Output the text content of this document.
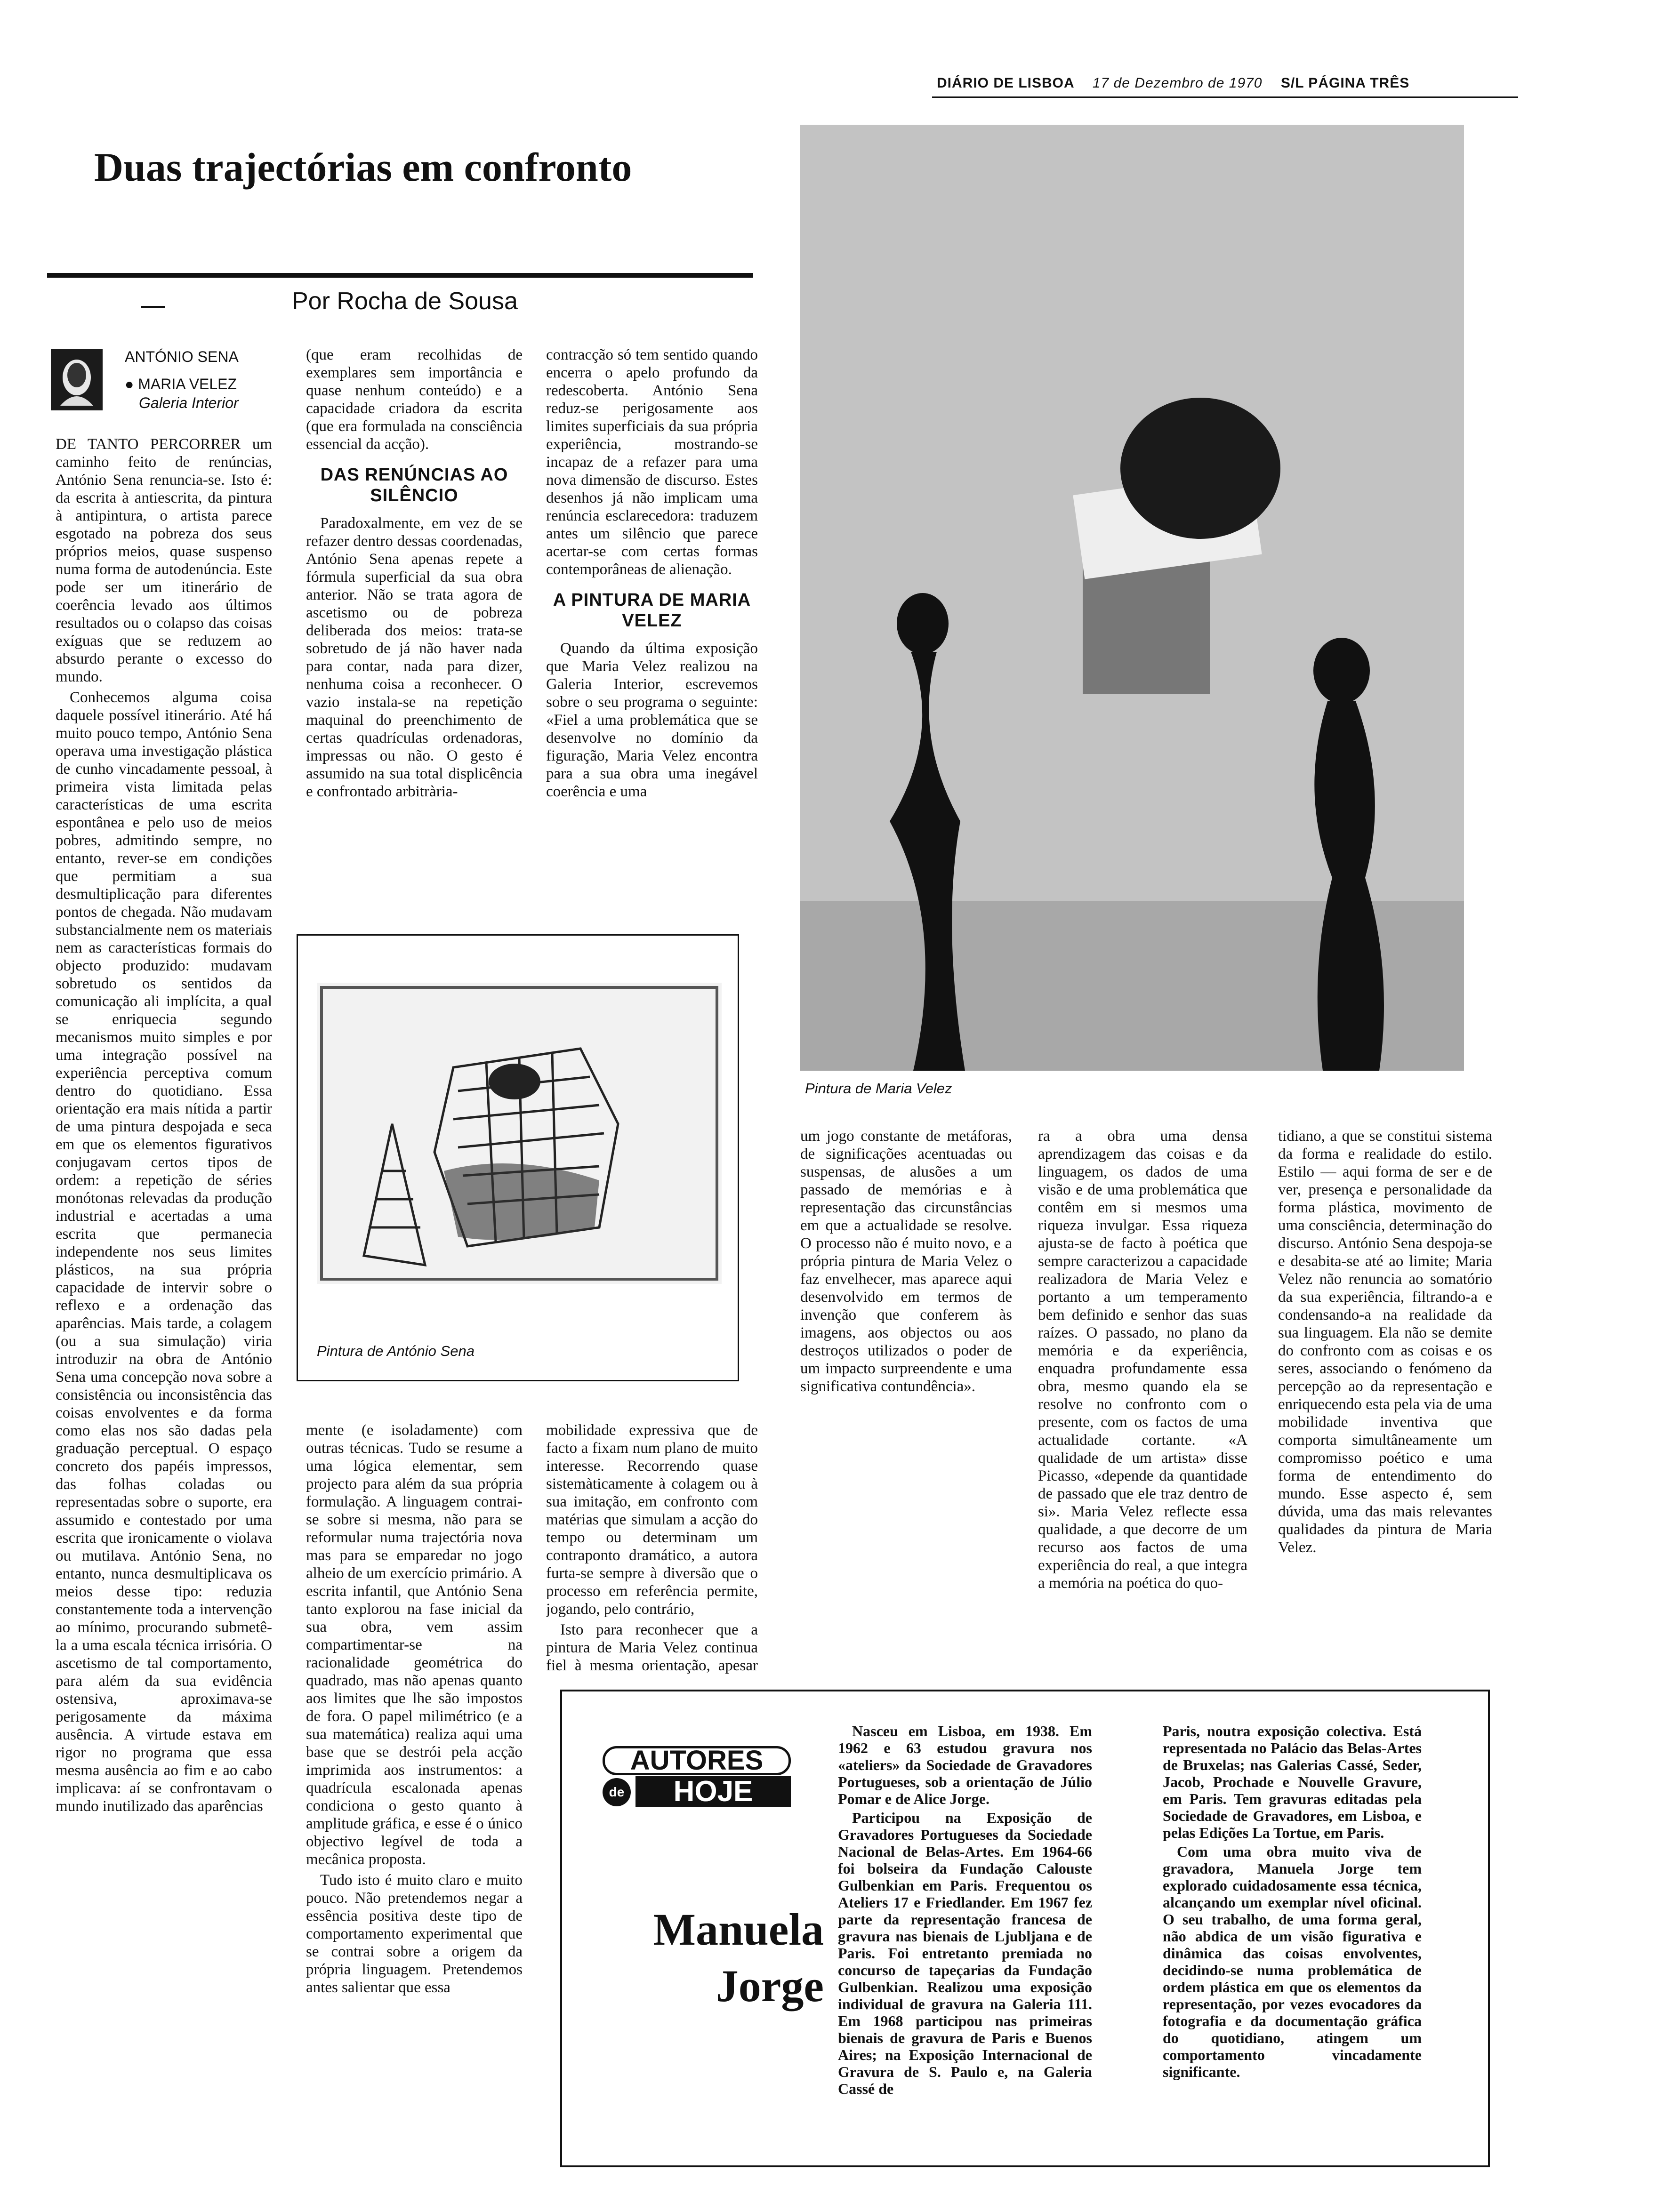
DIÁRIO DE LISBOA 17 de Dezembro de 1970 S/L PÁGINA TRÊS
Duas trajectórias em confronto
Por Rocha de Sousa
ANTÓNIO SENA
● MARIA VELEZ
Galeria Interior

DE TANTO PERCORRER um caminho feito de renúncias, António Sena renuncia-se. Isto é: da escrita à antiescrita, da pintura à antipintura, o artista parece esgotado na pobreza dos seus próprios meios, quase suspenso numa forma de autodenúncia. Este pode ser um itinerário de coerência levado aos últimos resultados ou o colapso das coisas exíguas que se reduzem ao absurdo perante o excesso do mundo.

Conhecemos alguma coisa daquele possível itinerário. Até há muito pouco tempo, António Sena operava uma investigação plástica de cunho vincadamente pessoal, à primeira vista limitada pelas características de uma escrita espontânea e pelo uso de meios pobres, admitindo sempre, no entanto, rever-se em condições que permitiam a sua desmultiplicação para diferentes pontos de chegada. Não mudavam substancialmente nem os materiais nem as características formais do objecto produzido: mudavam sobretudo os sentidos da comunicação ali implícita, a qual se enriquecia segundo mecanismos muito simples e por uma integração possível na experiência perceptiva comum dentro do quotidiano. Essa orientação era mais nítida a partir de uma pintura despojada e seca em que os elementos figurativos conjugavam certos tipos de ordem: a repetição de séries monótonas relevadas da produção industrial e acertadas a uma escrita que permanecia independente nos seus limites plásticos, na sua própria capacidade de intervir sobre o reflexo e a ordenação das aparências. Mais tarde, a colagem (ou a sua simulação) viria introduzir na obra de António Sena uma concepção nova sobre a consistência ou inconsistência das coisas envolventes e da forma como elas nos são dadas pela graduação perceptual. O espaço concreto dos papéis impressos, das folhas coladas ou representadas sobre o suporte, era assumido e contestado por uma escrita que ironicamente o violava ou mutilava. António Sena, no entanto, nunca desmultiplicava os meios desse tipo: reduzia constantemente toda a intervenção ao mínimo, procurando submetê-la a uma escala técnica irrisória. O ascetismo de tal comportamento, para além da sua evidência ostensiva, aproximava-se perigosamente da máxima ausência. A virtude estava em rigor no programa que essa mesma ausência ao fim e ao cabo implicava: aí se confrontavam o mundo inutilizado das aparências

(que eram recolhidas de exemplares sem importância e quase nenhum conteúdo) e a capacidade criadora da escrita (que era formulada na consciência essencial da acção).

DAS RENÚNCIAS AO SILÊNCIO

Paradoxalmente, em vez de se refazer dentro dessas coordenadas, António Sena apenas repete a fórmula superficial da sua obra anterior. Não se trata agora de ascetismo ou de pobreza deliberada dos meios: trata-se sobretudo de já não haver nada para contar, nada para dizer, nenhuma coisa a reconhecer. O vazio instala-se na repetição maquinal do preenchimento de certas quadrículas ordenadoras, impressas ou não. O gesto é assumido na sua total displicência e confrontado arbitrària-

contracção só tem sentido quando encerra o apelo profundo da redescoberta. António Sena reduz-se perigosamente aos limites superficiais da sua própria experiência, mostrando-se incapaz de a refazer para uma nova dimensão de discurso. Estes desenhos já não implicam uma renúncia esclarecedora: traduzem antes um silêncio que parece acertar-se com certas formas contemporâneas de alienação.

A PINTURA DE MARIA VELEZ

Quando da última exposição que Maria Velez realizou na Galeria Interior, escrevemos sobre o seu programa o seguinte: «Fiel a uma problemática que se desenvolve no domínio da figuração, Maria Velez encontra para a sua obra uma inegável coerência e uma

Pintura de António Sena

mente (e isoladamente) com outras técnicas. Tudo se resume a uma lógica elementar, sem projecto para além da sua própria formulação. A linguagem contrai-se sobre si mesma, não para se reformular numa trajectória nova mas para se emparedar no jogo alheio de um exercício primário. A escrita infantil, que António Sena tanto explorou na fase inicial da sua obra, vem assim compartimentar-se na racionalidade geométrica do quadrado, mas não apenas quanto aos limites que lhe são impostos de fora. O papel milimétrico (e a sua matemática) realiza aqui uma base que se destrói pela acção imprimida aos instrumentos: a quadrícula escalonada apenas condiciona o gesto quanto à amplitude gráfica, e esse é o único objectivo legível de toda a mecânica proposta.

Tudo isto é muito claro e muito pouco. Não pretendemos negar a essência positiva deste tipo de comportamento experimental que se contrai sobre a origem da própria linguagem. Pretendemos antes salientar que essa

mobilidade expressiva que de facto a fixam num plano de muito interesse. Recorrendo quase sistemàticamente à colagem ou à sua imitação, em confronto com matérias que simulam a acção do tempo ou determinam um contraponto dramático, a autora furta-se sempre à diversão que o processo em referência permite, jogando, pelo contrário,

Isto para reconhecer que a pintura de Maria Velez continua fiel à mesma orientação, apesar

Pintura de Maria Velez

um jogo constante de metáforas, de significações acentuadas ou suspensas, de alusões a um passado de memórias e à representação das circunstâncias em que a actualidade se resolve. O processo não é muito novo, e a própria pintura de Maria Velez o faz envelhecer, mas aparece aqui desenvolvido em termos de invenção que conferem às imagens, aos objectos ou aos destroços utilizados o poder de um impacto surpreendente e uma significativa contundência».

ra a obra uma densa aprendizagem das coisas e da linguagem, os dados de uma visão e de uma problemática que contêm em si mesmos uma riqueza invulgar. Essa riqueza ajusta-se de facto à poética que sempre caracterizou a capacidade realizadora de Maria Velez e portanto a um temperamento bem definido e senhor das suas raízes. O passado, no plano da memória e da experiência, enquadra profundamente essa obra, mesmo quando ela se resolve no confronto com o presente, com os factos de uma actualidade cortante. «A qualidade de um artista» disse Picasso, «depende da quantidade de passado que ele traz dentro de si». Maria Velez reflecte essa qualidade, a que decorre de um recurso aos factos de uma experiência do real, a que integra a memória na poética do quo-

tidiano, a que se constitui sistema da forma e realidade do estilo. Estilo — aqui forma de ser e de ver, presença e personalidade da forma plástica, movimento de uma consciência, determinação do discurso. António Sena despoja-se e desabita-se até ao limite; Maria Velez não renuncia ao somatório da sua experiência, filtrando-a e condensando-a na realidade da sua linguagem. Ela não se demite do confronto com as coisas e os seres, associando o fenómeno da percepção ao da representação e enriquecendo esta pela via de uma mobilidade inventiva que comporta simultâneamente um compromisso poético e uma forma de entendimento do mundo. Esse aspecto é, sem dúvida, uma das mais relevantes qualidades da pintura de Maria Velez.

AUTORES
de	HOJE
Manuela
Jorge

Nasceu em Lisboa, em 1938. Em 1962 e 63 estudou gravura nos «ateliers» da Sociedade de Gravadores Portugueses, sob a orientação de Júlio Pomar e de Alice Jorge.

Participou na Exposição de Gravadores Portugueses da Sociedade Nacional de Belas-Artes. Em 1964-66 foi bolseira da Fundação Calouste Gulbenkian em Paris. Frequentou os Ateliers 17 e Friedlander. Em 1967 fez parte da representação francesa de gravura nas bienais de Ljubljana e de Paris. Foi entretanto premiada no concurso de tapeçarias da Fundação Gulbenkian. Realizou uma exposição individual de gravura na Galeria 111. Em 1968 participou nas primeiras bienais de gravura de Paris e Buenos Aires; na Exposição Internacional de Gravura de S. Paulo e, na Galeria Cassé de

Paris, noutra exposição colectiva. Está representada no Palácio das Belas-Artes de Bruxelas; nas Galerias Cassé, Seder, Jacob, Prochade e Nouvelle Gravure, em Paris. Tem gravuras editadas pela Sociedade de Gravadores, em Lisboa, e pelas Edições La Tortue, em Paris.

Com uma obra muito viva de gravadora, Manuela Jorge tem explorado cuidadosamente essa técnica, alcançando um exemplar nível oficinal. O seu trabalho, de uma forma geral, não abdica de um visão figurativa e dinâmica das coisas envolventes, decidindo-se numa problemática de ordem plástica em que os elementos da representação, por vezes evocadores da fotografia e da documentação gráfica do quotidiano, atingem um comportamento vincadamente significante.
